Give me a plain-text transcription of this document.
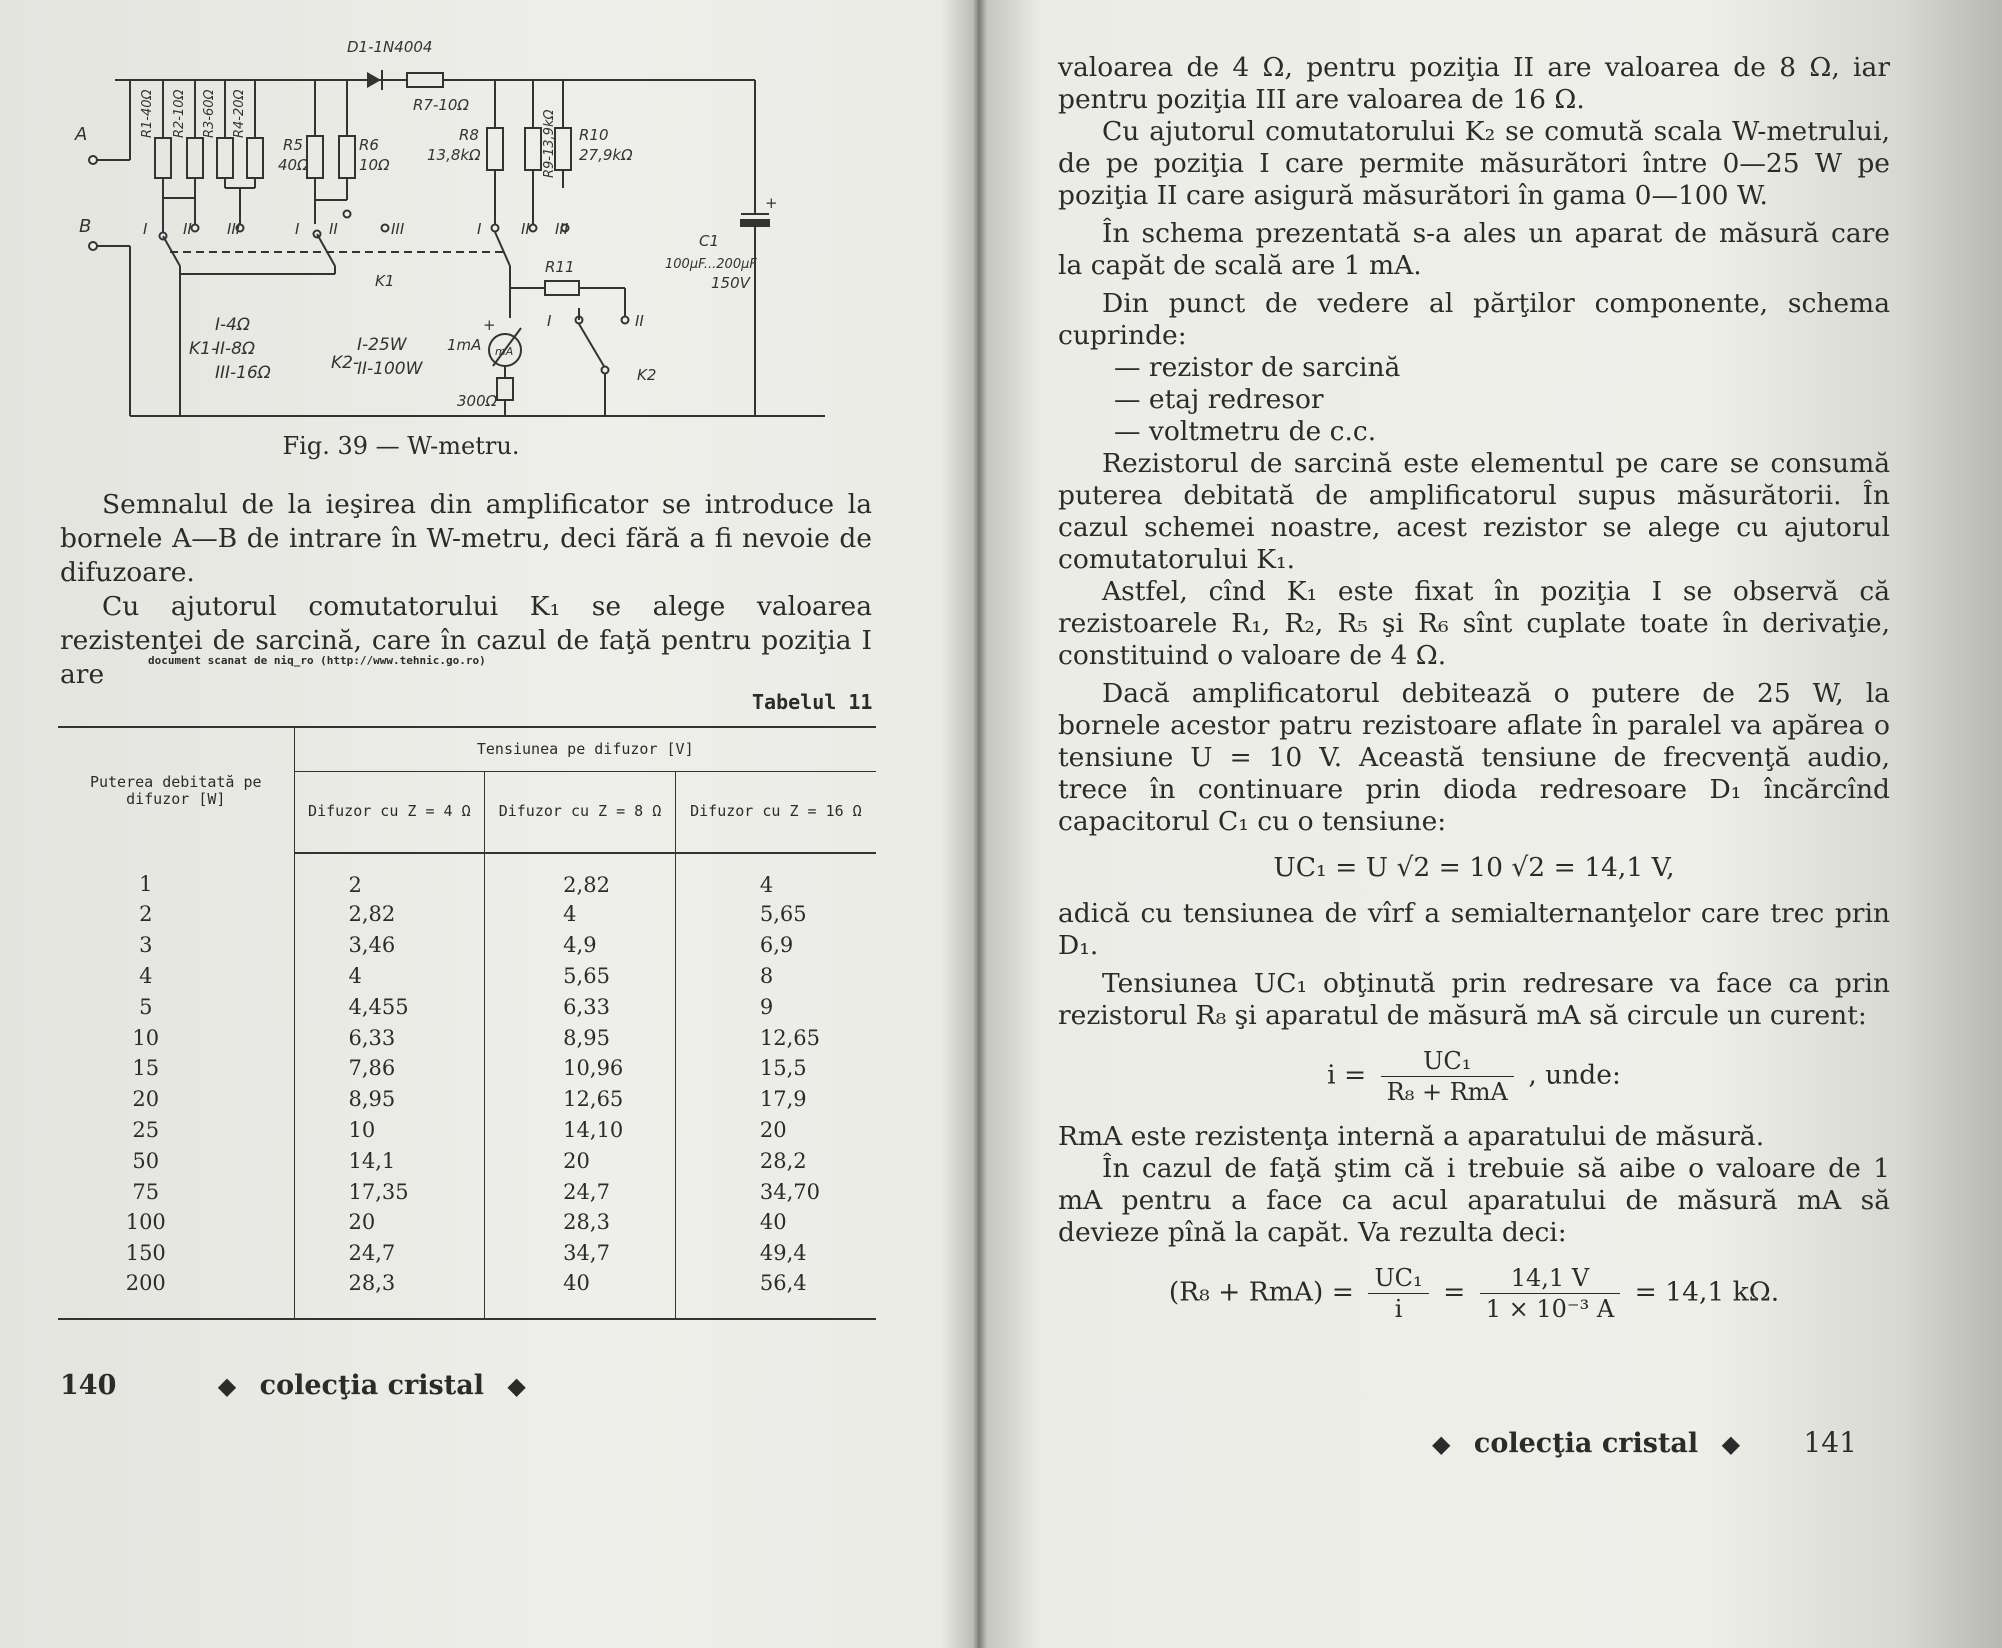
A
B
R1-40Ω R2-10Ω R3-60Ω R4-20Ω
R5
40Ω
R6
10Ω
D1-1N4004
R7-10Ω
R8
13,8kΩ	R9-13,9kΩ R10
27,9kΩ
+
C1
100µF...200µF
150V
I II III	I II	III	I	II III
K1
R11
mA
1mA
+
300Ω
I	II
K2
I-4Ω
K1-
II-8Ω
III-16Ω
I-25W
K2-
II-100W
Fig. 39 — W-metru.

Semnalul de la ieşirea din amplificator se introduce la bornele A—B de intrare în W-metru, deci fără a fi nevoie de difuzoare.

Cu ajutorul comutatorului K₁ se alege valoarea rezistenţei de sarcină, care în cazul de faţă pentru poziţia I are	document scanat de niq_ro (http://www.tehnic.go.ro)
Tabelul 11
Puterea debitată pe difuzor [W]	Tensiunea pe difuzor [V]		
	Difuzor cu Z = 4 Ω	Difuzor cu Z = 8 Ω	Difuzor cu Z = 16 Ω
1	2	2,82	4
2	2,82	4	5,65
3	3,46	4,9	6,9
4	4	5,65	8
5	4,455	6,33	9
10	6,33	8,95	12,65
15	7,86	10,96	15,5
20	8,95	12,65	17,9
25	10	14,10	20
50	14,1	20	28,2
75	17,35	24,7	34,70
100	20	28,3	40
150	24,7	34,7	49,4
200	28,3	40	56,4
140	◆ colecţia cristal ◆

valoarea de 4 Ω, pentru poziţia II are valoarea de 8 Ω, iar pentru poziţia III are valoarea de 16 Ω.

Cu ajutorul comutatorului K₂ se comută scala W-metrului, de pe poziţia I care permite măsurători între 0—25 W pe poziţia II care asigură măsurători în gama 0—100 W.

În schema prezentată s-a ales un aparat de măsură care la capăt de scală are 1 mA.

Din punct de vedere al părţilor componente, schema cuprinde:

— rezistor de sarcină
— etaj redresor
— voltmetru de c.c.

Rezistorul de sarcină este elementul pe care se consumă puterea debitată de amplificatorul supus măsurătorii. În cazul schemei noastre, acest rezistor se alege cu ajutorul comutatorului K₁.

Astfel, cînd K₁ este fixat în poziţia I se observă că rezistoarele R₁, R₂, R₅ şi R₆ sînt cuplate toate în derivaţie, constituind o valoare de 4 Ω.

Dacă amplificatorul debitează o putere de 25 W, la bornele acestor patru rezistoare aflate în paralel va apărea o tensiune U = 10 V. Această tensiune de frecvenţă audio, trece în continuare prin dioda redresoare D₁ încărcînd capacitorul C₁ cu o tensiune:

UC₁ = U √2 = 10 √2 = 14,1 V,

adică cu tensiunea de vîrf a semialternanţelor care trec prin D₁.

Tensiunea UC₁ obţinută prin redresare va face ca prin rezistorul R₈ şi aparatul de măsură mA să circule un curent:

$i = \frac{\text{UC₁}}{\text{R₈ + RmA}}$ , unde:

RmA este rezistenţa internă a aparatului de măsură.

În cazul de faţă ştim că i trebuie să aibe o valoare de 1 mA pentru a face ca acul aparatului de măsură mA să devieze pînă la capăt. Va rezulta deci:

$(R_8 + RmA) = \frac{\text{UC₁}}{i} = \frac{14,1 V}{\text{1 × 10⁻³ A}} = 14,1$ kΩ.
◆ colecţia cristal ◆ 141
